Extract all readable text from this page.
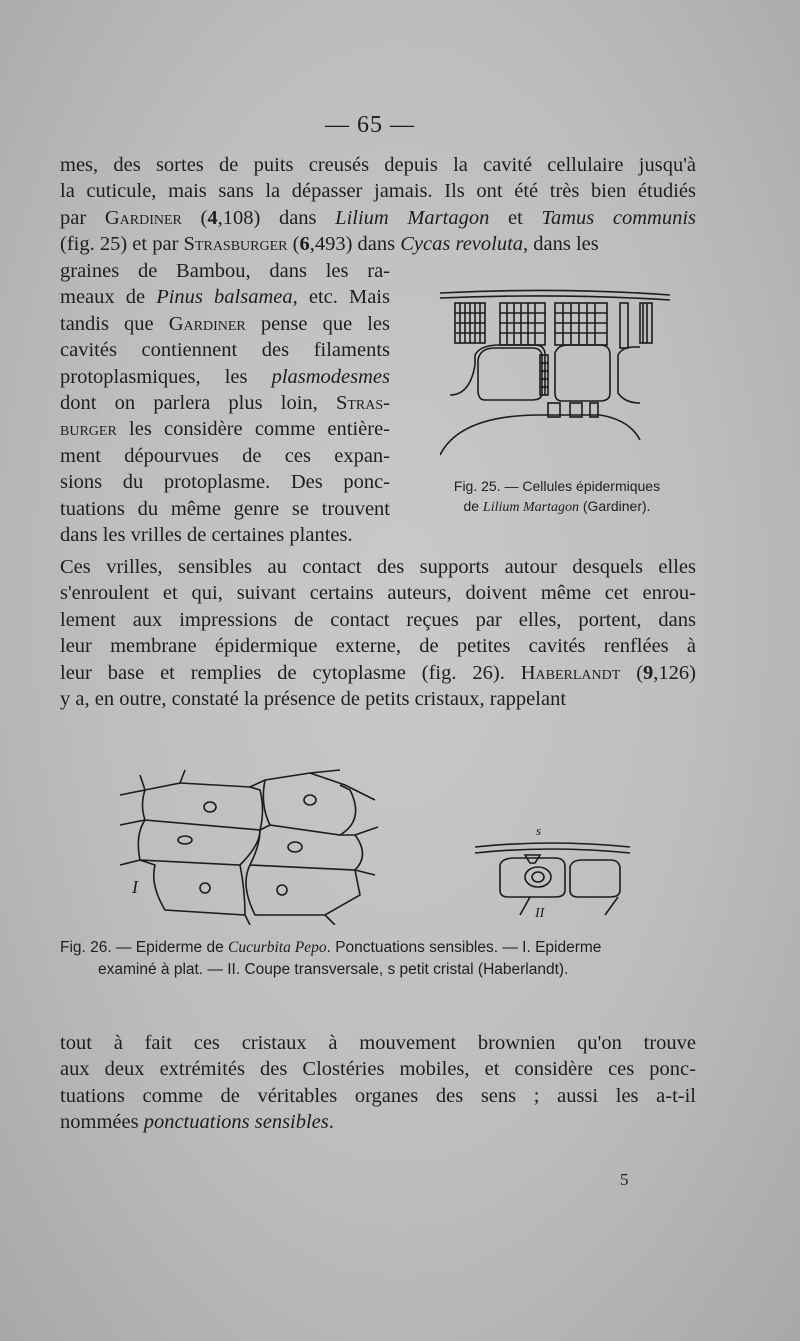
— 65 —

mes, des sortes de puits creusés depuis la cavité cellulaire jusqu'à
la cuticule, mais sans la dépasser jamais. Ils ont été très bien étudiés
par Gardiner (4,108) dans Lilium Martagon et Tamus communis
(fig. 25) et par Strasburger (6,493) dans Cycas revoluta, dans les

graines de Bambou, dans les ra-
meaux de Pinus balsamea, etc. Mais
tandis que Gardiner pense que les
cavités contiennent des filaments
protoplasmiques, les plasmodesmes
dont on parlera plus loin, Stras-
burger les considère comme entière-
ment dépourvues de ces expan-
sions du protoplasme. Des ponc-
tuations du même genre se trouvent
dans les vrilles de certaines plantes.

Fig. 25. — Cellules épidermiques
de Lilium Martagon (Gardiner).

Ces vrilles, sensibles au contact des supports autour desquels elles
s'enroulent et qui, suivant certains auteurs, doivent même cet enrou-
lement aux impressions de contact reçues par elles, portent, dans
leur membrane épidermique externe, de petites cavités renflées à
leur base et remplies de cytoplasme (fig. 26). Haberlandt (9,126)
y a, en outre, constaté la présence de petits cristaux, rappelant

I
s
II
Fig. 26. — Epiderme de Cucurbita Pepo. Ponctuations sensibles. — I. Epiderme
examiné à plat. — II. Coupe transversale, s petit cristal (Haberlandt).

tout à fait ces cristaux à mouvement brownien qu'on trouve
aux deux extrémités des Clostéries mobiles, et considère ces ponc-
tuations comme de véritables organes des sens ; aussi les a-t-il
nommées ponctuations sensibles.

5
